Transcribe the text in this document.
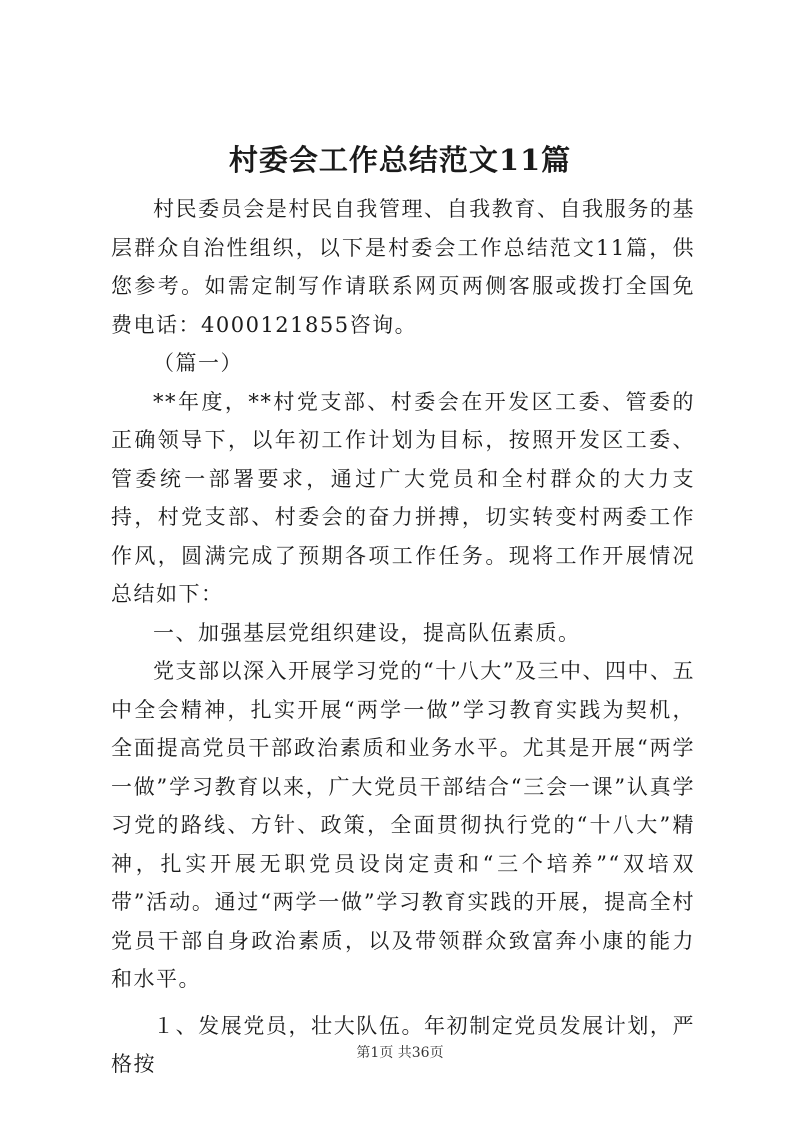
村委会工作总结范文11篇

村民委员会是村民自我管理、自我教育、自我服务的基层群众自治性组织，以下是村委会工作总结范文11篇，供您参考。如需定制写作请联系网页两侧客服或拨打全国免费电话：4000121855咨询。

（篇一）

**年度，**村党支部、村委会在开发区工委、管委的正确领导下，以年初工作计划为目标，按照开发区工委、管委统一部署要求，通过广大党员和全村群众的大力支持，村党支部、村委会的奋力拼搏，切实转变村两委工作作风，圆满完成了预期各项工作任务。现将工作开展情况总结如下：

一、加强基层党组织建设，提高队伍素质。

党支部以深入开展学习党的“十八大”及三中、四中、五中全会精神，扎实开展“两学一做”学习教育实践为契机，全面提高党员干部政治素质和业务水平。尤其是开展“两学一做”学习教育以来，广大党员干部结合“三会一课”认真学习党的路线、方针、政策，全面贯彻执行党的“十八大”精神，扎实开展无职党员设岗定责和“三个培养”“双培双带”活动。通过“两学一做”学习教育实践的开展，提高全村党员干部自身政治素质，以及带领群众致富奔小康的能力和水平。

１、发展党员，壮大队伍。年初制定党员发展计划，严格按	第1页 共36页
